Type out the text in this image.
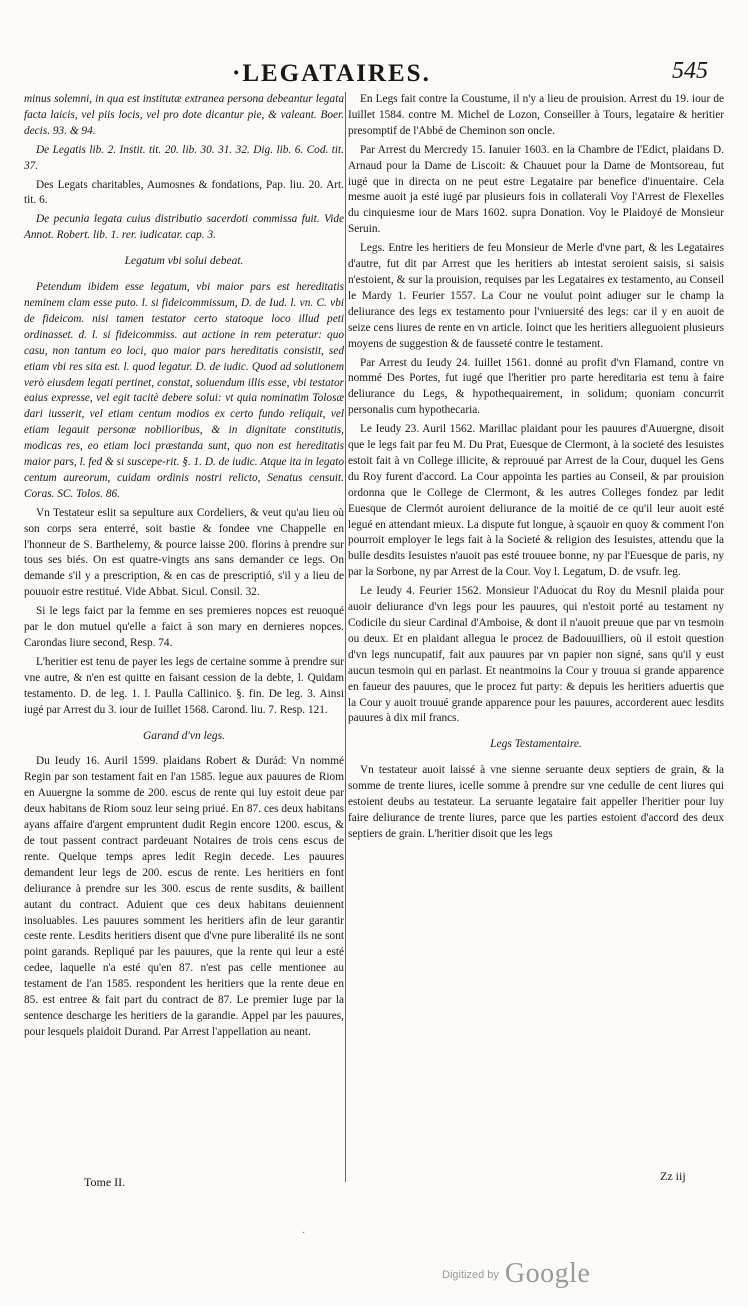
·LEGATAIRES.	545

minus solemni, in qua est institutæ extranea persona debeantur legata facta laicis, vel piis locis, vel pro dote dicantur pie, & valeant. Boer. decis. 93. & 94.

De Legatis lib. 2. Instit. tit. 20. lib. 30. 31. 32. Dig. lib. 6. Cod. tit. 37.

Des Legats charitables, Aumosnes & fondations, Pap. liu. 20. Art. tit. 6.

De pecunia legata cuius distributio sacerdoti commissa fuit. Vide Annot. Robert. lib. 1. rer. iudicatar. cap. 3.

Legatum vbi solui debeat.

Petendum ibidem esse legatum, vbi maior pars est hereditatis neminem clam esse puto. l. si fideicommissum, D. de Iud. l. vn. C. vbi de fideicom. nisi tamen testator certo statoque loco illud peti ordinasset. d. l. si fideicommiss. aut actione in rem peteratur: quo casu, non tantum eo loci, quo maior pars hereditatis consistit, sed etiam vbi res sita est. l. quod legatur. D. de iudic. Quod ad solutionem verò eiusdem legati pertinet, constat, soluendum illis esse, vbi testator eaius expresse, vel egit tacitè debere solui: vt quia nominatim Tolosæ dari iusserit, vel etiam centum modios ex certo fundo reliquit, vel etiam legauit personæ nobilioribus, & in dignitate constitutis, modicas res, eo etiam loci præstanda sunt, quo non est hereditatis maior pars, l. fed & si suscepe-rit. §. 1. D. de iudic. Atque ita in legato centum aureorum, cuidam ordinis nostri relicto, Senatus censuit. Coras. SC. Tolos. 86.

Vn Testateur eslit sa sepulture aux Cordeliers, & veut qu'au lieu où son corps sera enterré, soit bastie & fondee vne Chappelle en l'honneur de S. Barthelemy, & pource laisse 200. florins à prendre sur tous ses biés. On est quatre-vingts ans sans demander ce legs. On demande s'il y a prescription, & en cas de prescriptió, s'il y a lieu de pouuoir estre restitué. Vide Abbat. Sicul. Consil. 32.

Si le legs faict par la femme en ses premieres nopces est reuoqué par le don mutuel qu'elle a faict à son mary en dernieres nopces. Carondas liure second, Resp. 74.

L'heritier est tenu de payer les legs de certaine somme à prendre sur vne autre, & n'en est quitte en faisant cession de la debte, l. Quidam testamento. D. de leg. 1. l. Paulla Callinico. §. fin. De leg. 3. Ainsi iugé par Arrest du 3. iour de Iuillet 1568. Carond. liu. 7. Resp. 121.

Garand d'vn legs.

Du Ieudy 16. Auril 1599. plaidans Robert & Durád: Vn nommé Regin par son testament fait en l'an 1585. legue aux pauures de Riom en Auuergne la somme de 200. escus de rente qui luy estoit deue par deux habitans de Riom souz leur seing priué. En 87. ces deux habitans ayans affaire d'argent empruntent dudit Regin encore 1200. escus, & de tout passent contract pardeuant Notaires de trois cens escus de rente. Quelque temps apres ledit Regin decede. Les pauures demandent leur legs de 200. escus de rente. Les heritiers en font deliurance à prendre sur les 300. escus de rente susdits, & baillent autant du contract. Aduient que ces deux habitans deuiennent insoluables. Les pauures somment les heritiers afin de leur garantir ceste rente. Lesdits heritiers disent que d'vne pure liberalité ils ne sont point garands. Repliqué par les pauures, que la rente qui leur a esté cedee, laquelle n'a esté qu'en 87. n'est pas celle mentionee au testament de l'an 1585. respondent les heritiers que la rente deue en 85. est entree & fait part du contract de 87. Le premier Iuge par la sentence descharge les heritiers de la garandie. Appel par les pauures, pour lesquels plaidoit Durand. Par Arrest l'appellation au neant.

En Legs fait contre la Coustume, il n'y a lieu de prouision. Arrest du 19. iour de Iuillet 1584. contre M. Michel de Lozon, Conseiller à Tours, legataire & heritier presomptif de l'Abbé de Cheminon son oncle.

Par Arrest du Mercredy 15. Ianuier 1603. en la Chambre de l'Edict, plaidans D. Arnaud pour la Dame de Liscoit: & Chauuet pour la Dame de Montsoreau, fut iugé que in directa on ne peut estre Legataire par benefice d'inuentaire. Cela mesme auoit ja esté iugé par plusieurs fois in collaterali Voy l'Arrest de Flexelles du cinquiesme iour de Mars 1602. supra Donation. Voy le Plaidoyé de Monsieur Seruin.

Legs. Entre les heritiers de feu Monsieur de Merle d'vne part, & les Legataires d'autre, fut dit par Arrest que les heritiers ab intestat seroient saisis, si saisis n'estoient, & sur la prouision, requises par les Legataires ex testamento, au Conseil le Mardy 1. Feurier 1557. La Cour ne voulut point adiuger sur le champ la deliurance des legs ex testamento pour l'vniuersité des legs: car il y en auoit de seize cens liures de rente en vn article. Ioinct que les heritiers alleguoient plusieurs moyens de suggestion & de fausseté contre le testament.

Par Arrest du Ieudy 24. Iuillet 1561. donné au profit d'vn Flamand, contre vn nommé Des Portes, fut iugé que l'heritier pro parte hereditaria est tenu à faire deliurance du Legs, & hypothequairement, in solidum; quoniam concurrit personalis cum hypothecaria.

Le Ieudy 23. Auril 1562. Marillac plaidant pour les pauures d'Auuergne, disoit que le legs fait par feu M. Du Prat, Euesque de Clermont, à la societé des Iesuistes estoit fait à vn College illicite, & reprouué par Arrest de la Cour, duquel les Gens du Roy furent d'accord. La Cour appointa les parties au Conseil, & par prouision ordonna que le College de Clermont, & les autres Colleges fondez par ledit Euesque de Clermót auroient deliurance de la moitié de ce qu'il leur auoit esté legué en attendant mieux. La dispute fut longue, à sçauoir en quoy & comment l'on pourroit employer le legs fait à la Societé & religion des Iesuistes, attendu que la bulle desdits Iesuistes n'auoit pas esté trouuee bonne, ny par l'Euesque de paris, ny par la Sorbone, ny par Arrest de la Cour. Voy l. Legatum, D. de vsufr. leg.

Le Ieudy 4. Feurier 1562. Monsieur l'Aduocat du Roy du Mesnil plaida pour auoir deliurance d'vn legs pour les pauures, qui n'estoit porté au testament ny Codicile du sieur Cardinal d'Amboise, & dont il n'auoit preuue que par vn tesmoin ou deux. Et en plaidant allegua le procez de Badouuilliers, où il estoit question d'vn legs nuncupatif, fait aux pauures par vn papier non signé, sans qu'il y eust aucun tesmoin qui en parlast. Et neantmoins la Cour y trouua si grande apparence en faueur des pauures, que le procez fut party: & depuis les heritiers aduertis que la Cour y auoit trouué grande apparence pour les pauures, accorderent auec lesdits pauures à dix mil francs.

Legs Testamentaire.

Vn testateur auoit laissé à vne sienne seruante deux septiers de grain, & la somme de trente liures, icelle somme à prendre sur vne cedulle de cent liures qui estoient deubs au testateur. La seruante legataire fait appeller l'heritier pour luy faire deliurance de trente liures, parce que les parties estoient d'accord des deux septiers de grain. L'heritier disoit que les legs

Tome II.	Zz iij
·
$^{Digitized by}$ Google
